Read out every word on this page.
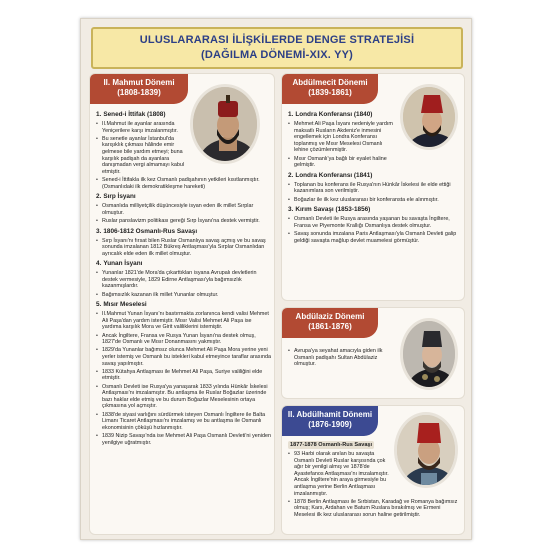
ULUSLARARASI İLİŞKİLERDE DENGE STRATEJİSİ
(DAĞILMA DÖNEMİ-XIX. YY)
II. Mahmut Dönemi
(1808-1839)
1. Sened-i İttifak (1808)
• II.Mahmut ile ayanlar arasında Yeniçerilere karşı imzalanmıştır.
• Bu senetle ayanlar İstanbul'da karışıklık çıkması hâlinde emir gelmese bile yardım etmeyi; buna karşılık padişah da ayanlara danışmadan vergi almamayı kabul etmiştir.
• Sened-i İttifakla ilk kez Osmanlı padişahının yetkileri kısıtlanmıştır. (Osmanlıdaki ilk demokratikleşme hareketi)
2. Sırp İsyanı
• Osmanlıda milliyetçilik düşüncesiyle isyan eden ilk millet Sırplar olmuştur.
• Ruslar panslavizm politikası gereği Sırp İsyanı'na destek vermiştir.
3. 1806-1812 Osmanlı-Rus Savaşı
• Sırp İsyanı'nı fırsat bilen Ruslar Osmanlıya savaş açmış ve bu savaş sonunda imzalanan 1812 Bükreş Antlaşması'yla Sırplar Osmanlıdan ayrıcalık elde eden ilk millet olmuştur.
4. Yunan İsyanı
• Yunanlar 1821'de Mora'da çıkarttıkları isyana Avrupalı devletlerin destek vermesiyle, 1829 Edirne Antlaşması'yla bağımsızlık kazanmışlardır.
• Bağımsızlık kazanan ilk millet Yunanlar olmuştur.
5. Mısır Meselesi
• II.Mahmut Yunan İsyanı'nı bastırmakta zorlanınca kendi valisi Mehmet Ali Paşa'dan yardım istemiştir. Mısır Valisi Mehmet Ali Paşa ise yardıma karşılık Mora ve Girit valiliklerini istemiştir.
• Ancak İngiltere, Fransa ve Rusya Yunan İsyanı'na destek olmuş, 1827'de Osmanlı ve Mısır Donanmasını yakmıştır.
• 1829'da Yunanlar bağımsız olunca Mehmet Ali Paşa Mora yerine yeni yerler istemiş ve Osmanlı bu istekleri kabul etmeyince taraflar arasında savaş yapılmıştır.
• 1833 Kütahya Antlaşması ile Mehmet Ali Paşa, Suriye valiliğini elde etmiştir.
• Osmanlı Devleti ise Rusya'ya yanaşarak 1833 yılında Hünkâr İskelesi Antlaşması'nı imzalamıştır. Bu antlaşma ile Ruslar Boğazlar üzerinde bazı haklar elde etmiş ve bu durum Boğazlar Meselesinin ortaya çıkmasına yol açmıştır.
• 1838'de siyasi varlığını sürdürmek isteyen Osmanlı İngiltere ile Balta Limanı Ticaret Antlaşması'nı imzalamış ve bu antlaşma ile Osmanlı ekonomisinin çöküşü hızlanmıştır.
• 1839 Nizip Savaşı'nda ise Mehmet Ali Paşa Osmanlı Devleti'ni yeniden yenilgiye uğratmıştır.
Abdülmecit Dönemi
(1839-1861)
1. Londra Konferansı (1840)
• Mehmet Ali Paşa İsyanı nedeniyle yardım maksatlı Rusların Akdeniz'e inmesini engellemek için Londra Konferansı toplanmış ve Mısır Meselesi Osmanlı lehine çözümlenmiştir.
• Mısır Osmanlı'ya bağlı bir eyalet haline gelmiştir.
2. Londra Konferansı (1841)
• Toplanan bu konferans ile Rusya'nın Hünkâr İskelesi ile elde ettiği kazanımlara son verilmiştir.
• Boğazlar ile ilk kez uluslararası bir konferansta ele alınmıştır.
3. Kırım Savaşı (1853-1856)
• Osmanlı Devleti ile Rusya arasında yaşanan bu savaşta İngiltere, Fransa ve Piyemonte Krallığı Osmanlıya destek olmuştur.
• Savaş sonunda imzalana Paris Antlaşması'yla Osmanlı Devleti galip geldiği savaşta mağlup devlet muamelesi görmüştür.
Abdülaziz Dönemi
(1861-1876)
• Avrupa'ya seyahat amacıyla giden ilk Osmanlı padişahı Sultan Abdülaziz olmuştur.
II. Abdülhamit Dönemi
(1876-1909)
1877-1878 Osmanlı-Rus Savaşı
• 93 Harbi olarak anılan bu savaşta Osmanlı Devleti Ruslar karşısında çok ağır bir yenilgi almış ve 1878'de Ayastefanos Antlaşması'nı imzalamıştır. Ancak İngiltere'nin araya girmesiyle bu antlaşma yerine Berlin Antlaşması imzalanmıştır.
• 1878 Berlin Antlaşması ile Sırbistan, Karadağ ve Romanya bağımsız olmuş; Kars, Ardahan ve Batum Ruslara bırakılmış ve Ermeni Meselesi ilk kez uluslararası sorun haline getirilmiştir.
